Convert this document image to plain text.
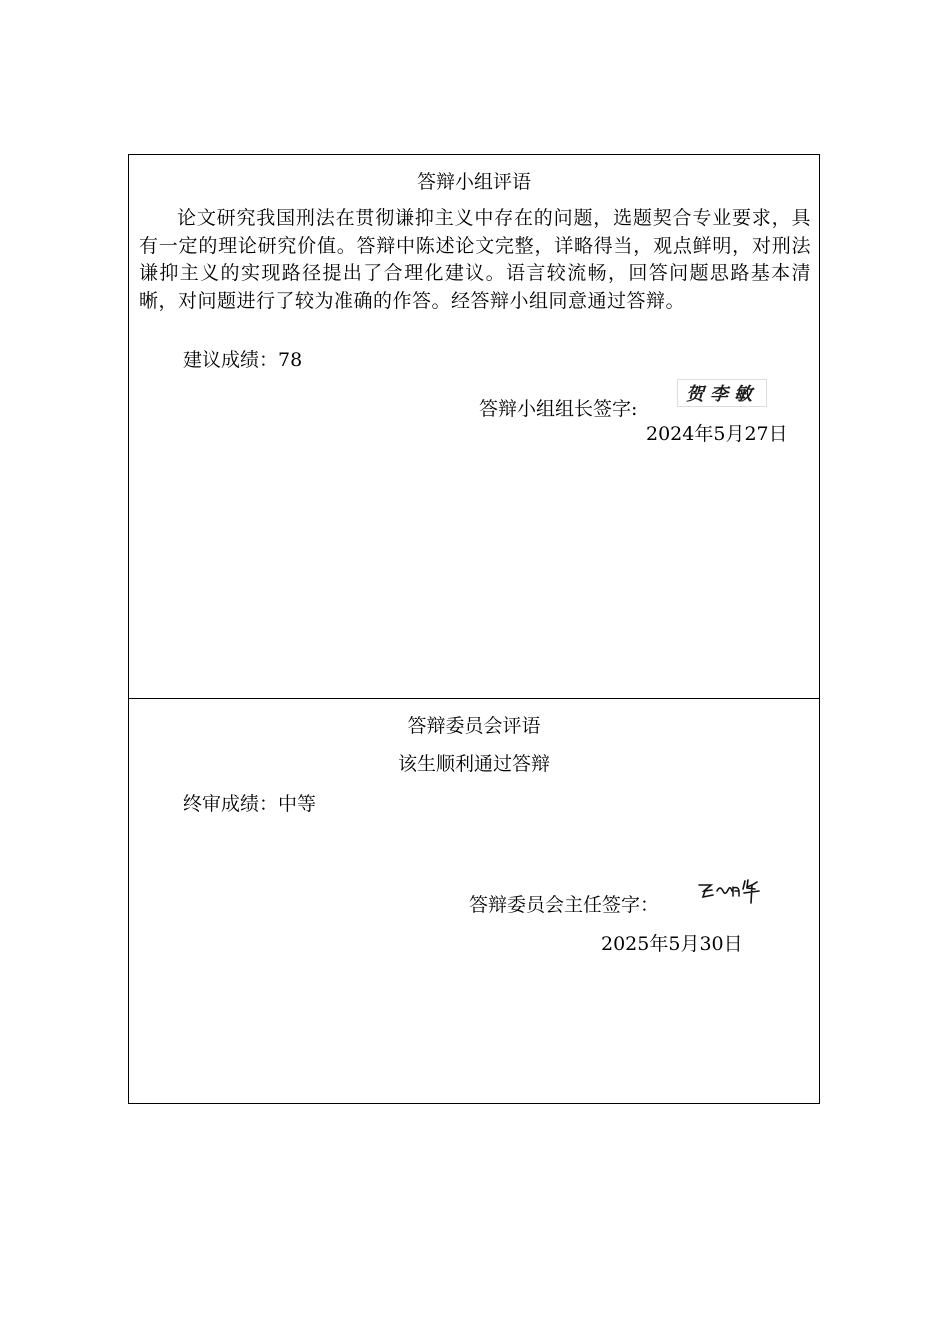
答辩小组评语
论文研究我国刑法在贯彻谦抑主义中存在的问题，选题契合专业要求，具有一定的理论研究价值。答辩中陈述论文完整，详略得当，观点鲜明，对刑法谦抑主义的实现路径提出了合理化建议。语言较流畅，回答问题思路基本清晰，对问题进行了较为准确的作答。经答辩小组同意通过答辩。
建议成绩：78
答辩小组组长签字:
贺李敏
2024年5月27日
答辩委员会评语
该生顺利通过答辩
终审成绩：中等
答辩委员会主任签字：
2025年5月30日
